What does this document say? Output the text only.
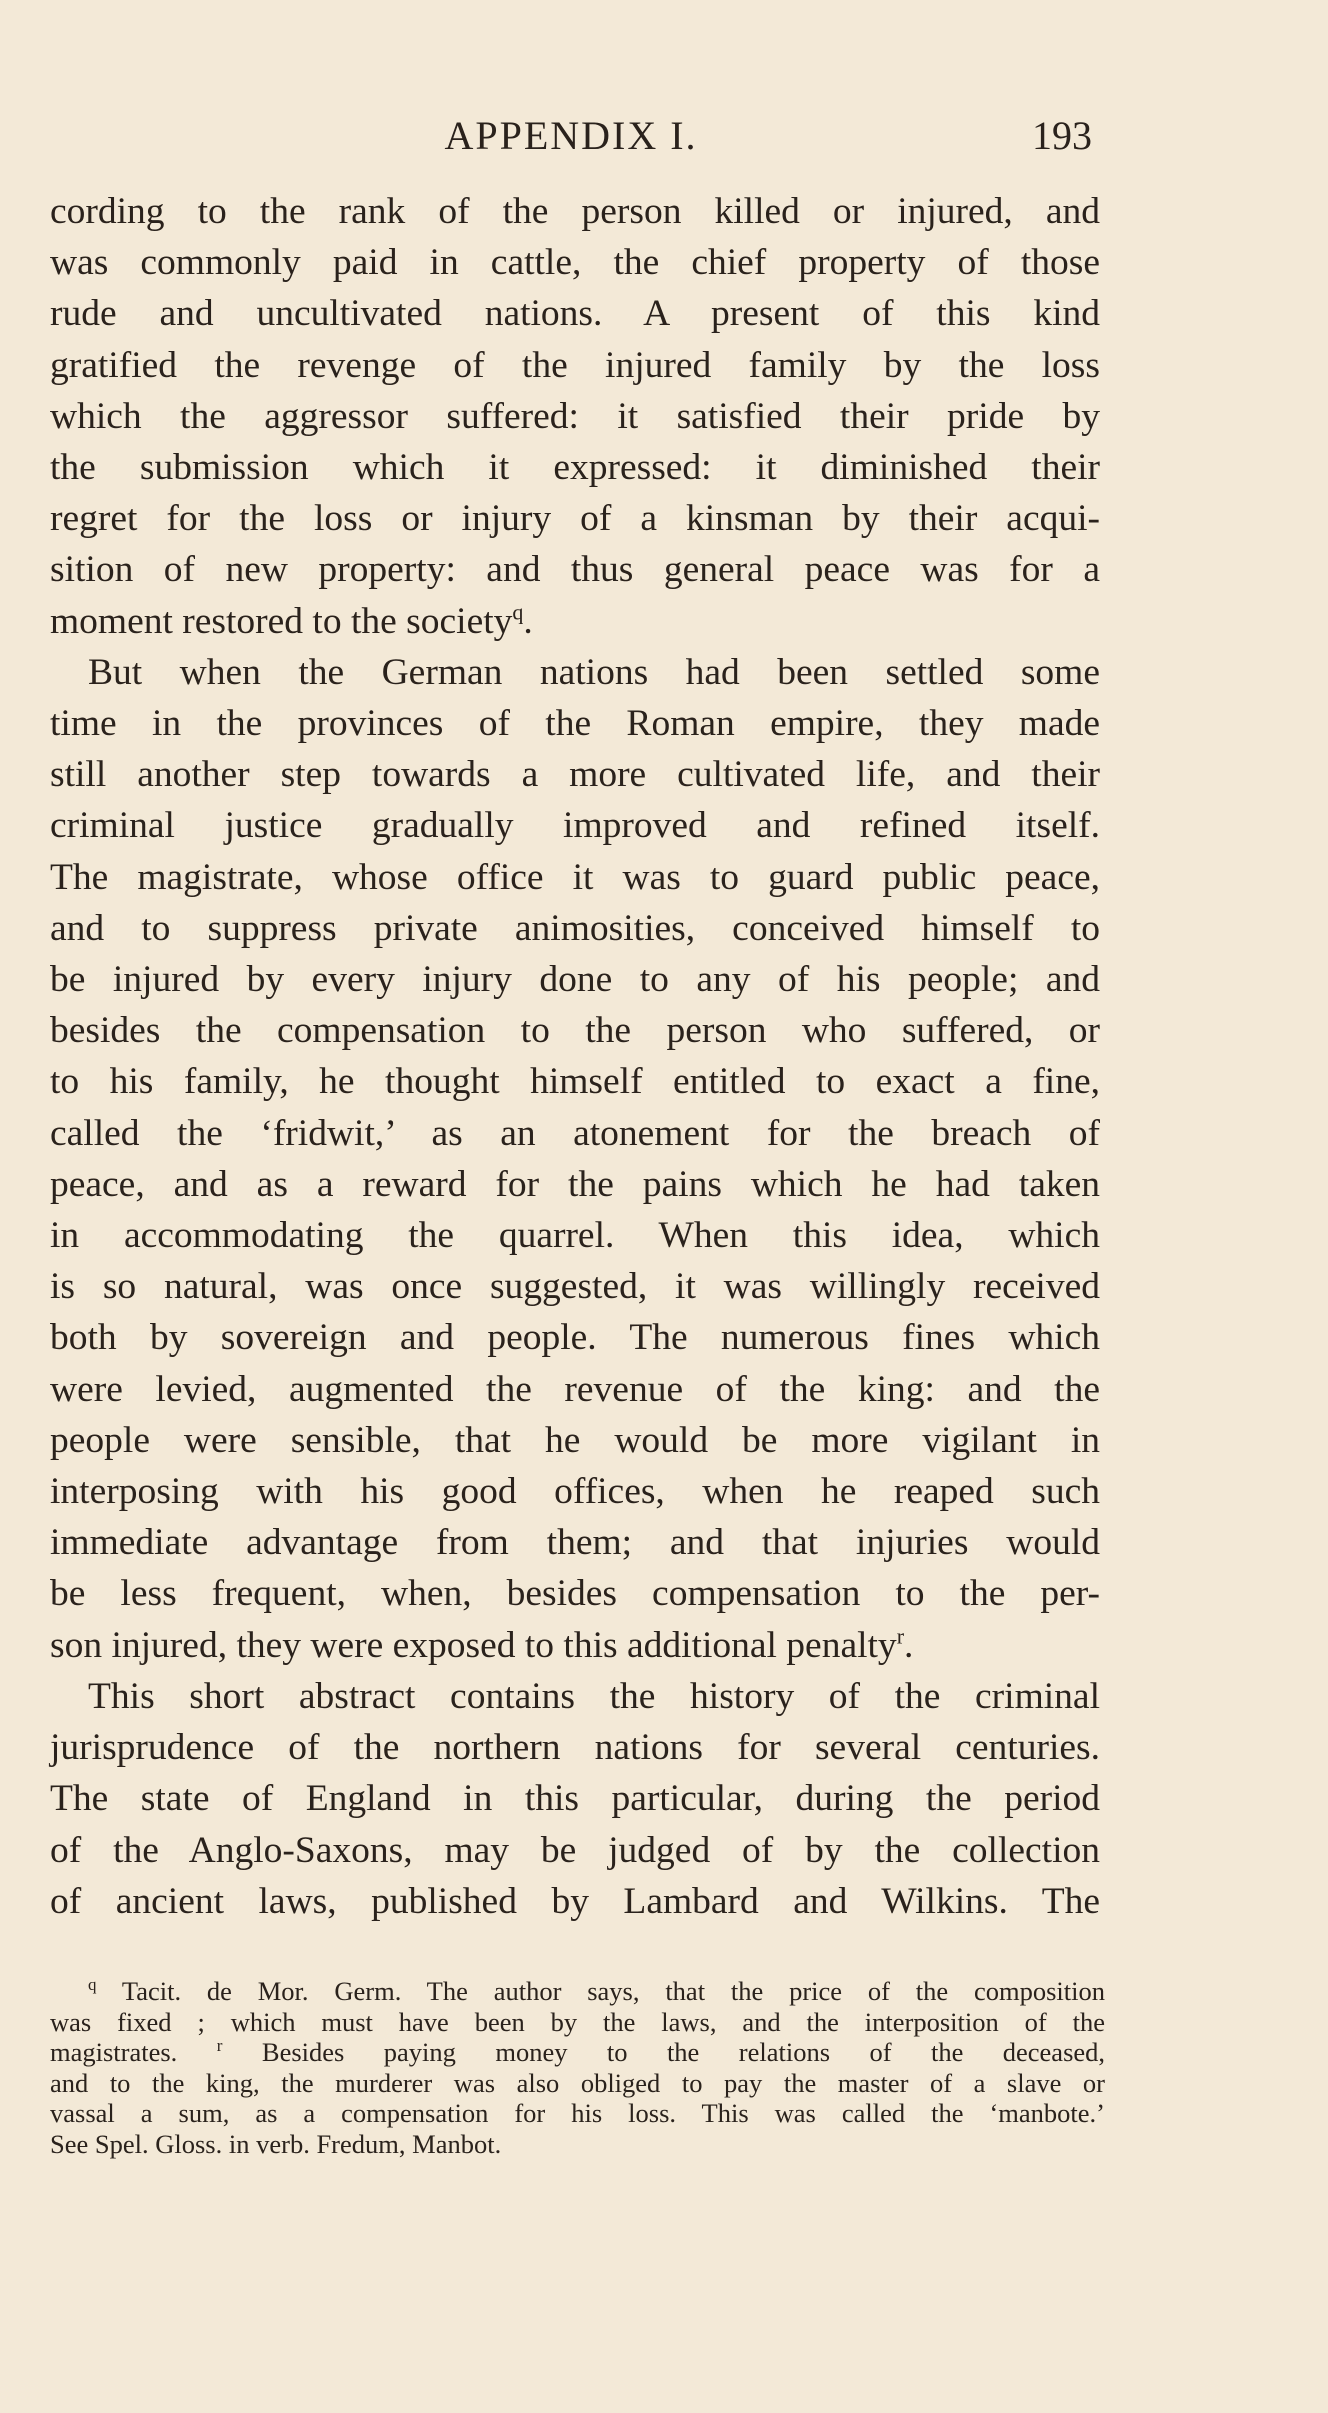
APPENDIX I.	193
cording to the rank of the person killed or injured, and
was commonly paid in cattle, the chief property of those
rude and uncultivated nations. A present of this kind
gratified the revenge of the injured family by the loss
which the aggressor suffered: it satisfied their pride by
the submission which it expressed: it diminished their
regret for the loss or injury of a kinsman by their acqui-
sition of new property: and thus general peace was for a
moment restored to the society$^q$.
But when the German nations had been settled some
time in the provinces of the Roman empire, they made
still another step towards a more cultivated life, and their
criminal justice gradually improved and refined itself.
The magistrate, whose office it was to guard public peace,
and to suppress private animosities, conceived himself to
be injured by every injury done to any of his people; and
besides the compensation to the person who suffered, or
to his family, he thought himself entitled to exact a fine,
called the ‘fridwit,’ as an atonement for the breach of
peace, and as a reward for the pains which he had taken
in accommodating the quarrel. When this idea, which
is so natural, was once suggested, it was willingly received
both by sovereign and people. The numerous fines which
were levied, augmented the revenue of the king: and the
people were sensible, that he would be more vigilant in
interposing with his good offices, when he reaped such
immediate advantage from them; and that injuries would
be less frequent, when, besides compensation to the per-
son injured, they were exposed to this additional penalty$^r$.
This short abstract contains the history of the criminal
jurisprudence of the northern nations for several centuries.
The state of England in this particular, during the period
of the Anglo-Saxons, may be judged of by the collection
of ancient laws, published by Lambard and Wilkins. The
$^q$ Tacit. de Mor. Germ. The author says, that the price of the composition
was fixed ; which must have been by the laws, and the interposition of the
magistrates. $^r$ Besides paying money to the relations of the deceased,
and to the king, the murderer was also obliged to pay the master of a slave or
vassal a sum, as a compensation for his loss. This was called the ‘manbote.’
See Spel. Gloss. in verb. Fredum, Manbot.
